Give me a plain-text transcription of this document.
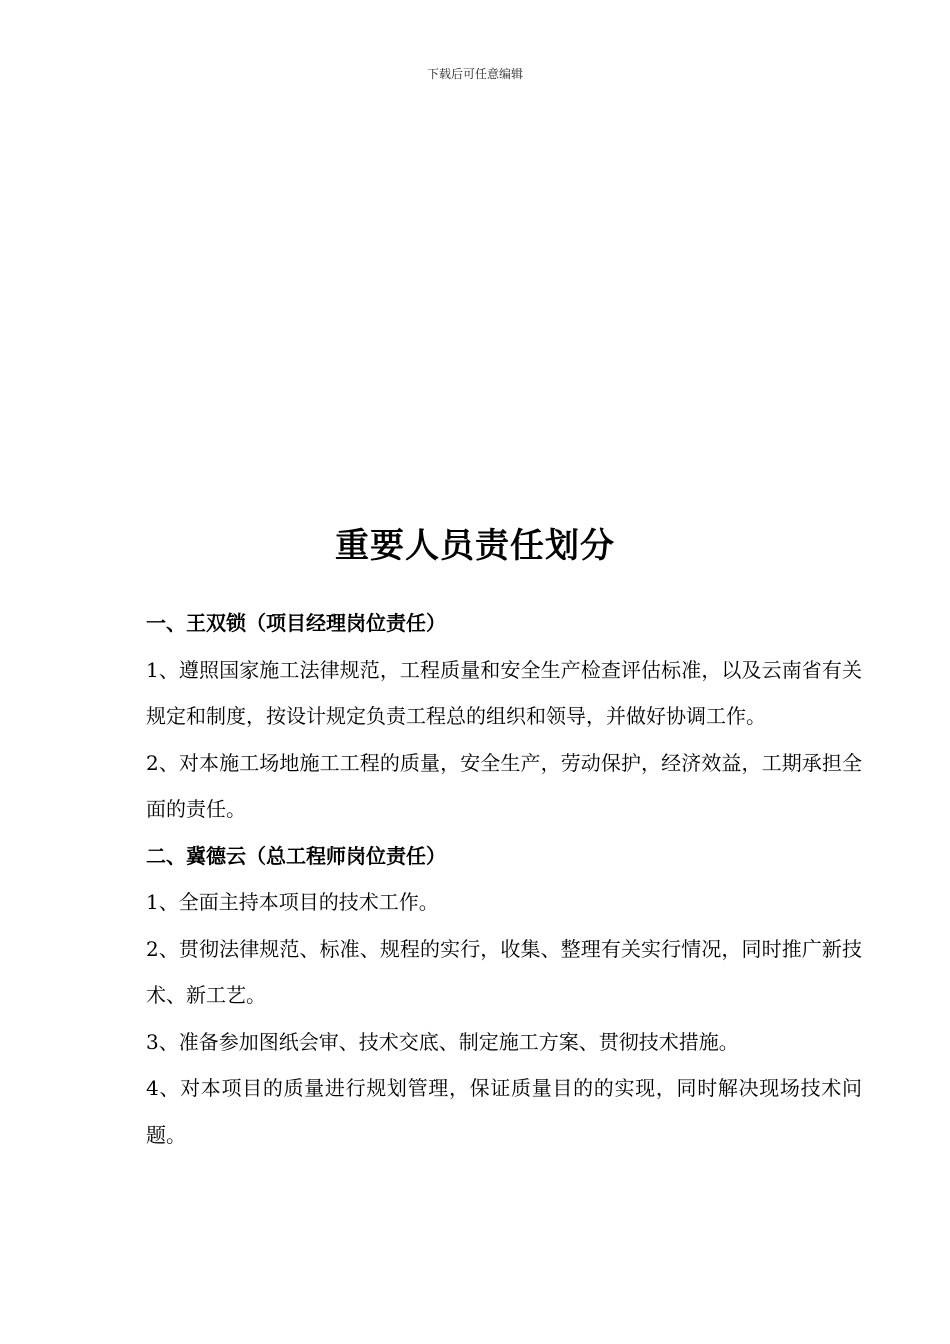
下载后可任意编辑
重要人员责任划分

一、王双锁（项目经理岗位责任）

1、遵照国家施工法律规范，工程质量和安全生产检查评估标准，以及云南省有关规定和制度，按设计规定负责工程总的组织和领导，并做好协调工作。

2、对本施工场地施工工程的质量，安全生产，劳动保护，经济效益，工期承担全面的责任。

二、冀德云（总工程师岗位责任）

1、全面主持本项目的技术工作。

2、贯彻法律规范、标准、规程的实行，收集、整理有关实行情况，同时推广新技术、新工艺。

3、准备参加图纸会审、技术交底、制定施工方案、贯彻技术措施。

4、对本项目的质量进行规划管理，保证质量目的的实现，同时解决现场技术问题。
